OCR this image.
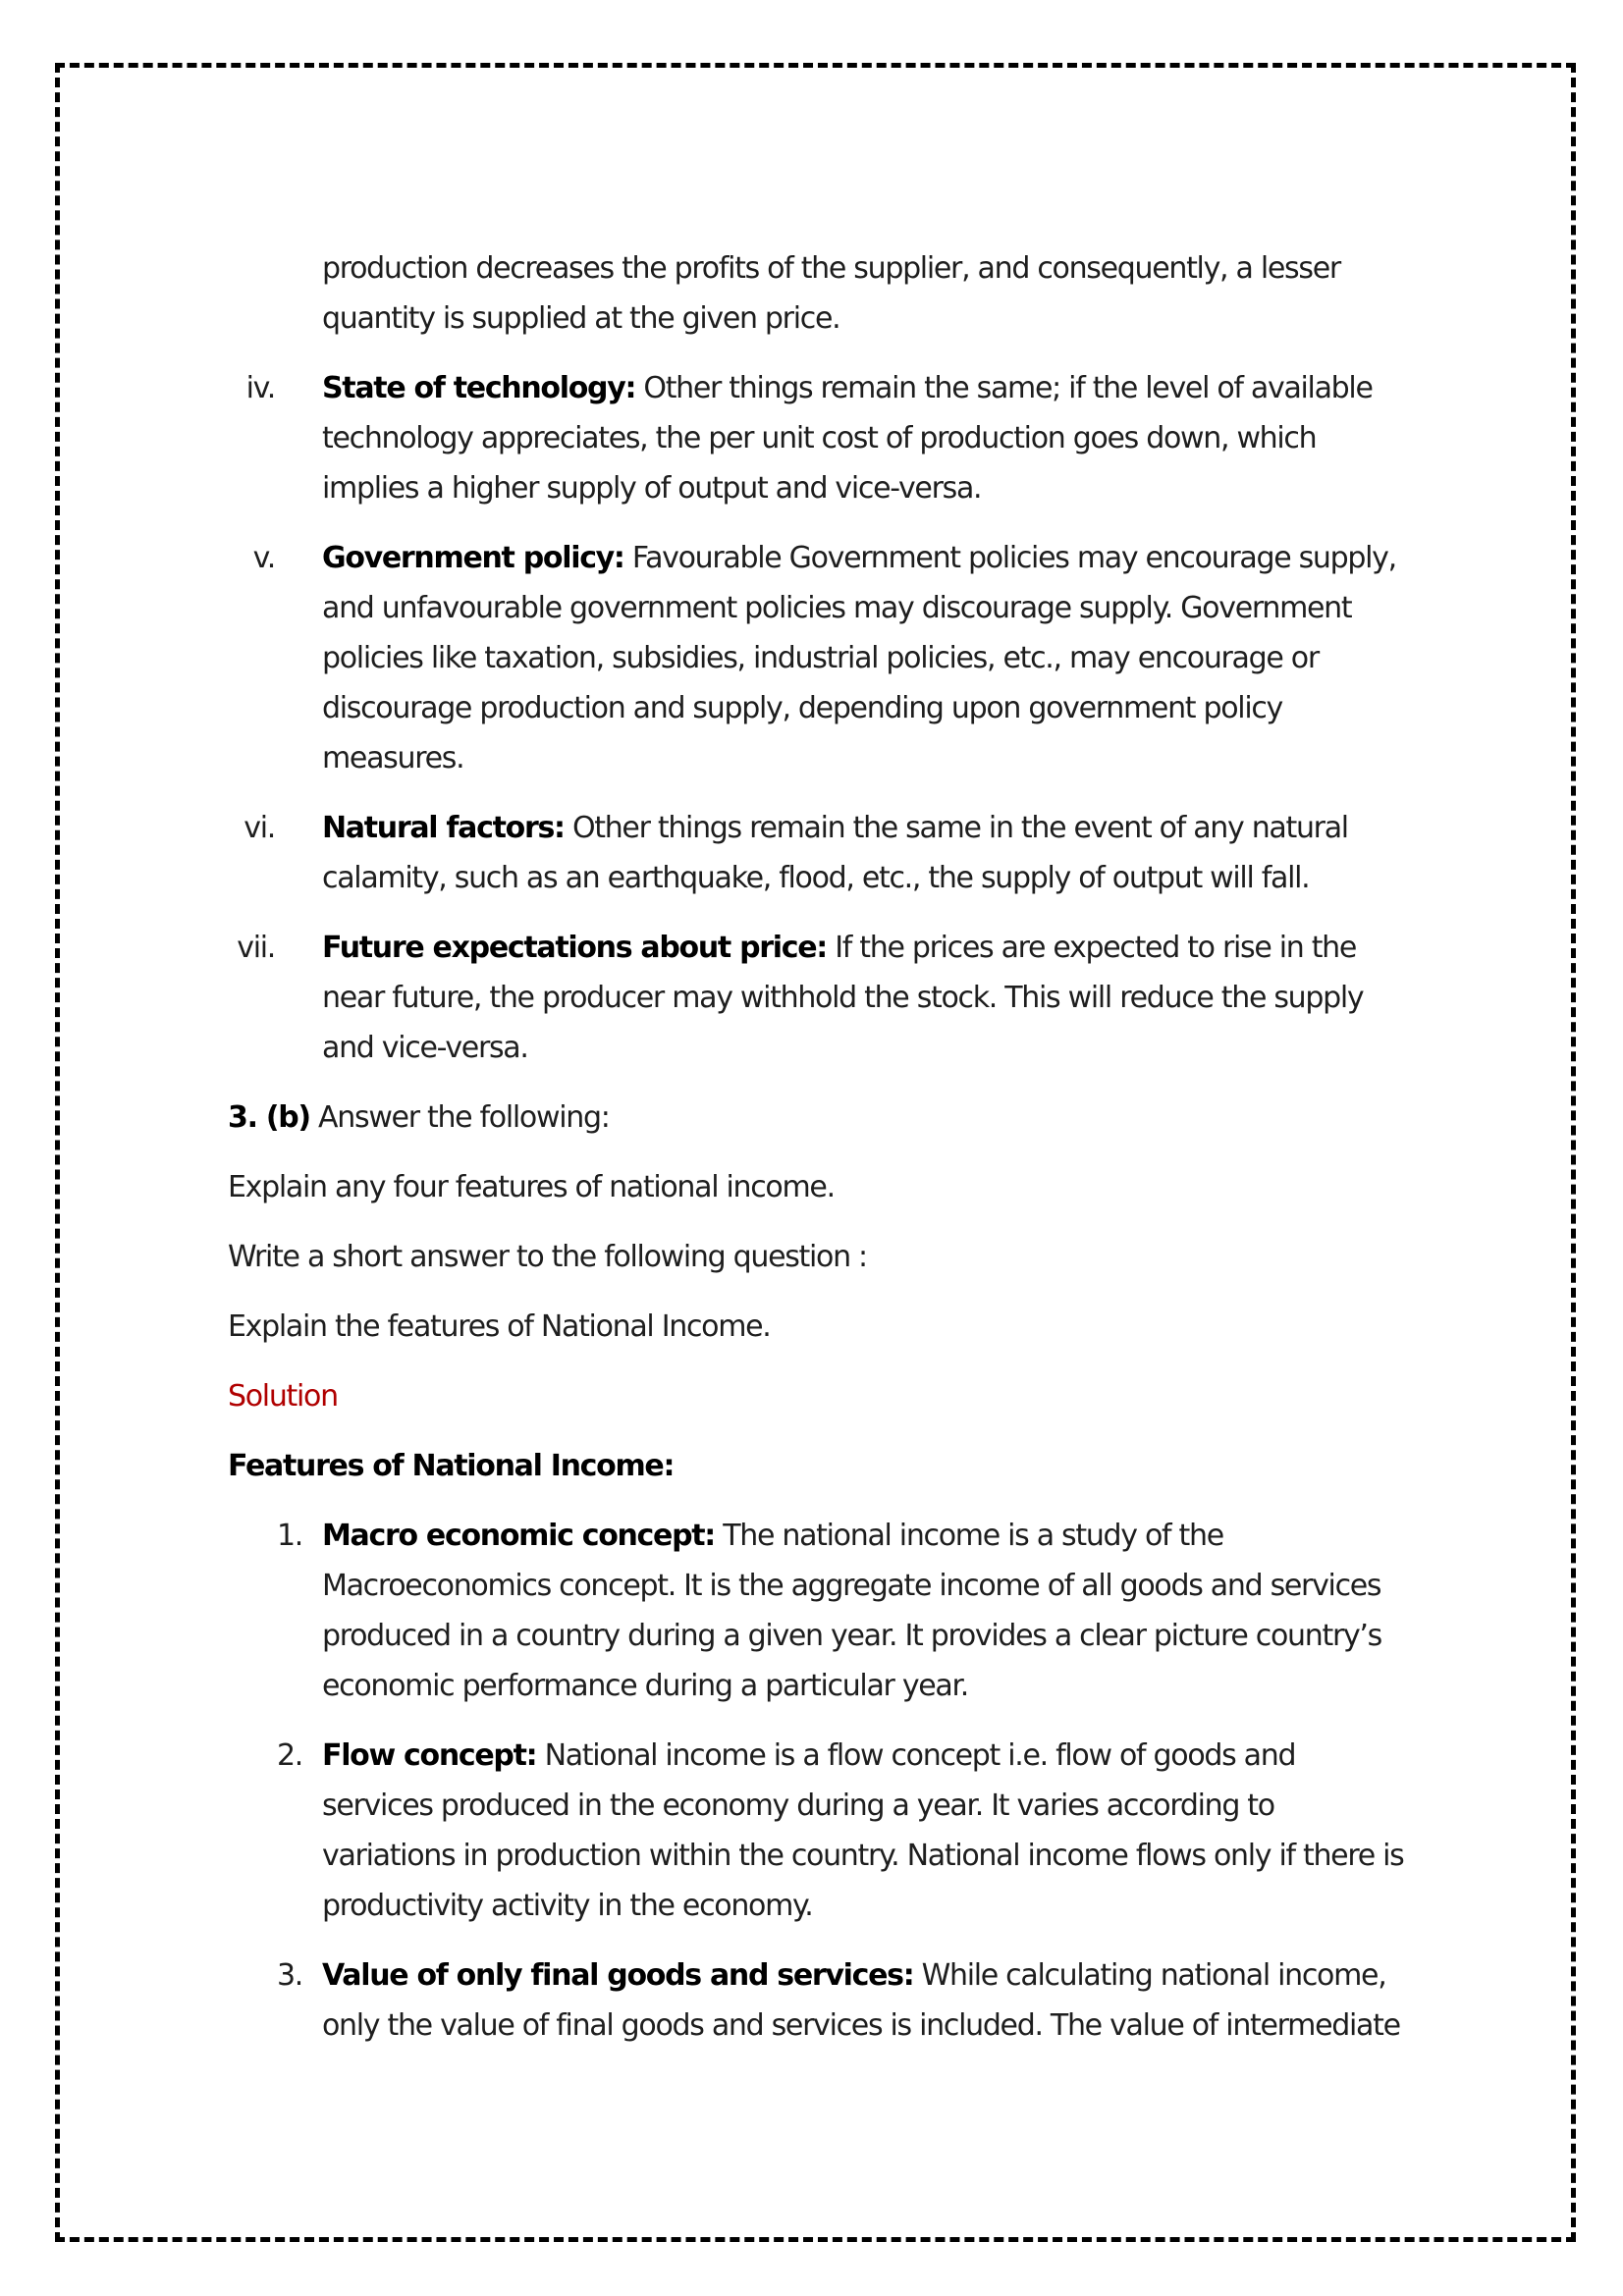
production decreases the profits of the supplier, and consequently, a lesser quantity is supplied at the given price.

iv.	State of technology: Other things remain the same; if the level of available technology appreciates, the per unit cost of production goes down, which implies a higher supply of output and vice-versa.
v.	Government policy: Favourable Government policies may encourage supply, and unfavourable government policies may discourage supply. Government policies like taxation, subsidies, industrial policies, etc., may encourage or discourage production and supply, depending upon government policy measures.
vi.	Natural factors: Other things remain the same in the event of any natural calamity, such as an earthquake, flood, etc., the supply of output will fall.
vii.	Future expectations about price: If the prices are expected to rise in the near future, the producer may withhold the stock. This will reduce the supply and vice-versa.

3. (b) Answer the following:

Explain any four features of national income.

Write a short answer to the following question :

Explain the features of National Income.

Solution

Features of National Income:

1. Macro economic concept: The national income is a study of the Macroeconomics concept. It is the aggregate income of all goods and services produced in a country during a given year. It provides a clear picture country’s economic performance during a particular year.
2. Flow concept: National income is a flow concept i.e. flow of goods and services produced in the economy during a year. It varies according to variations in production within the country. National income flows only if there is productivity activity in the economy.
3. Value of only final goods and services: While calculating national income, only the value of final goods and services is included. The value of intermediate
